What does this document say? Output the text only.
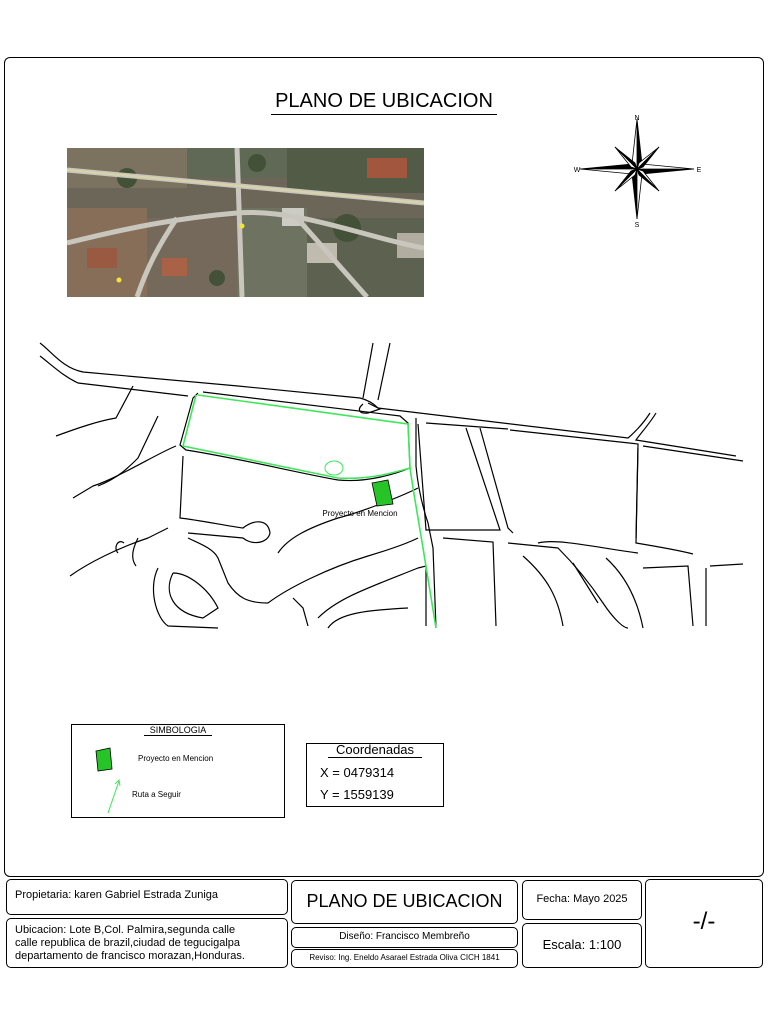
PLANO DE UBICACION
N
S
E
W
Proyecto en Mencion
SIMBOLOGIA
Proyecto en Mencion
Ruta a Seguir
Coordenadas
X = 0479314
Y = 1559139
Propietaria: karen Gabriel Estrada Zuniga
Ubicacion: Lote B,Col. Palmira,segunda calle
calle republica de brazil,ciudad de tegucigalpa
departamento de francisco morazan,Honduras.
PLANO DE UBICACION
Diseño: Francisco Membreño
Reviso: Ing. Eneldo Asarael Estrada Oliva CICH 1841
Fecha: Mayo 2025
Escala: 1:100
-/-
